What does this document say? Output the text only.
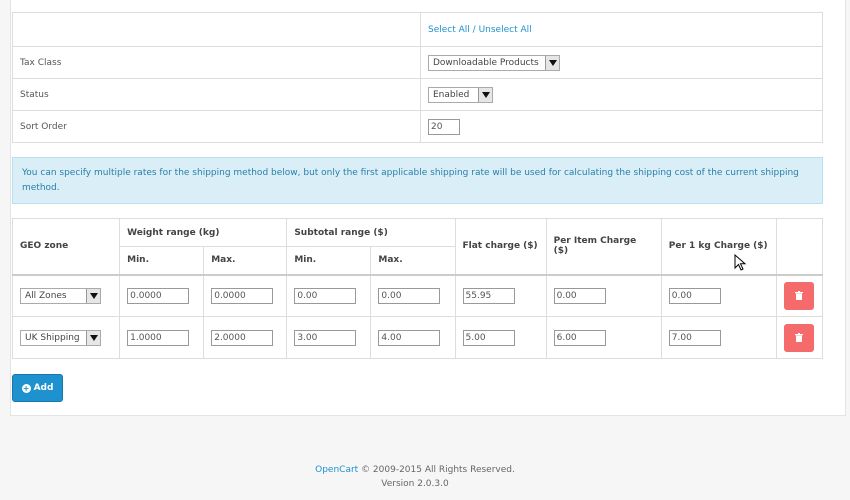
	Select All / Unselect All
Tax Class	Downloadable Products

Status	Enabled

Sort Order	20
You can specify multiple rates for the shipping method below, but only the first applicable shipping rate will be used for calculating the shipping cost of the current shipping method.
GEO zone	Weight range (kg)		Subtotal range ($)		Flat charge ($)	Per Item Charge ($)	Per 1 kg Charge ($)	
	Min.	Max.	Min.	Max.				

All Zones	0.0000	0.0000	0.00	0.00	55.95	0.00	0.00	

UK Shipping	1.0000	2.0000	3.00	4.00	5.00	6.00	7.00	
+ Add
OpenCart © 2009-2015 All Rights Reserved.
Version 2.0.3.0
